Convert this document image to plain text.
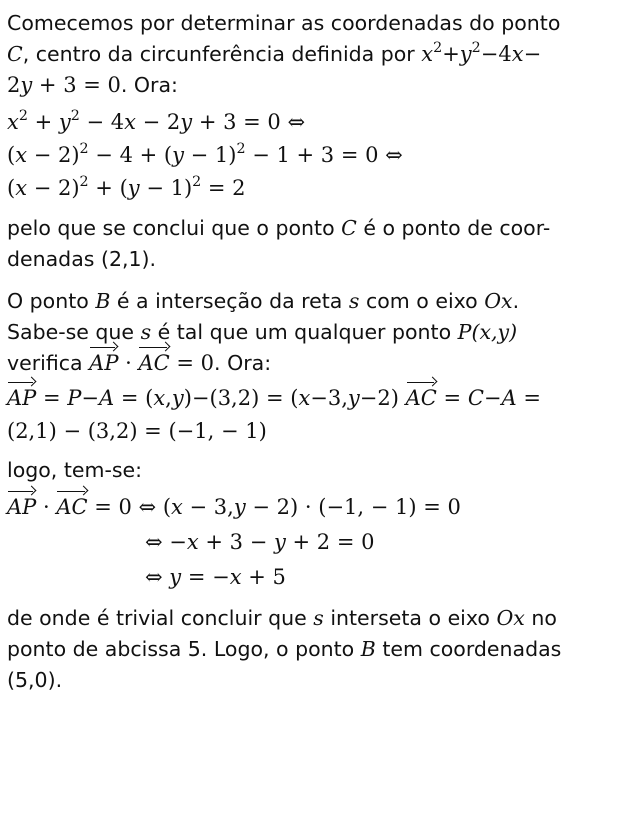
Comecemos por determinar as coordenadas do ponto
C, centro da circunferência definida por $x^2+y^2-4x-$
2y + 3 = 0. Ora:

$x^2 + y^2 - 4x - 2y + 3 = 0$ ⇔
$(x - 2)^2 - 4 + (y - 1)^2 - 1 + 3 = 0$ ⇔
$(x - 2)^2 + (y - 1)^2 = 2$

pelo que se conclui que o ponto C é o ponto de coor-
denadas (2,1).

O ponto B é a interseção da reta s com o eixo Ox.
Sabe-se que s é tal que um qualquer ponto P(x,y)
verifica AP · AC = 0. Ora:

AP = P−A = (x,y)−(3,2) = (x−3,y−2) AC = C−A =
(2,1) − (3,2) = (−1, − 1)

logo, tem-se:

AP · AC = 0 ⇔ (x − 3,y − 2) · (−1, − 1) = 0
⇔ −x + 3 − y + 2 = 0
⇔ y = −x + 5

de onde é trivial concluir que s interseta o eixo Ox no
ponto de abcissa 5. Logo, o ponto B tem coordenadas
(5,0).
